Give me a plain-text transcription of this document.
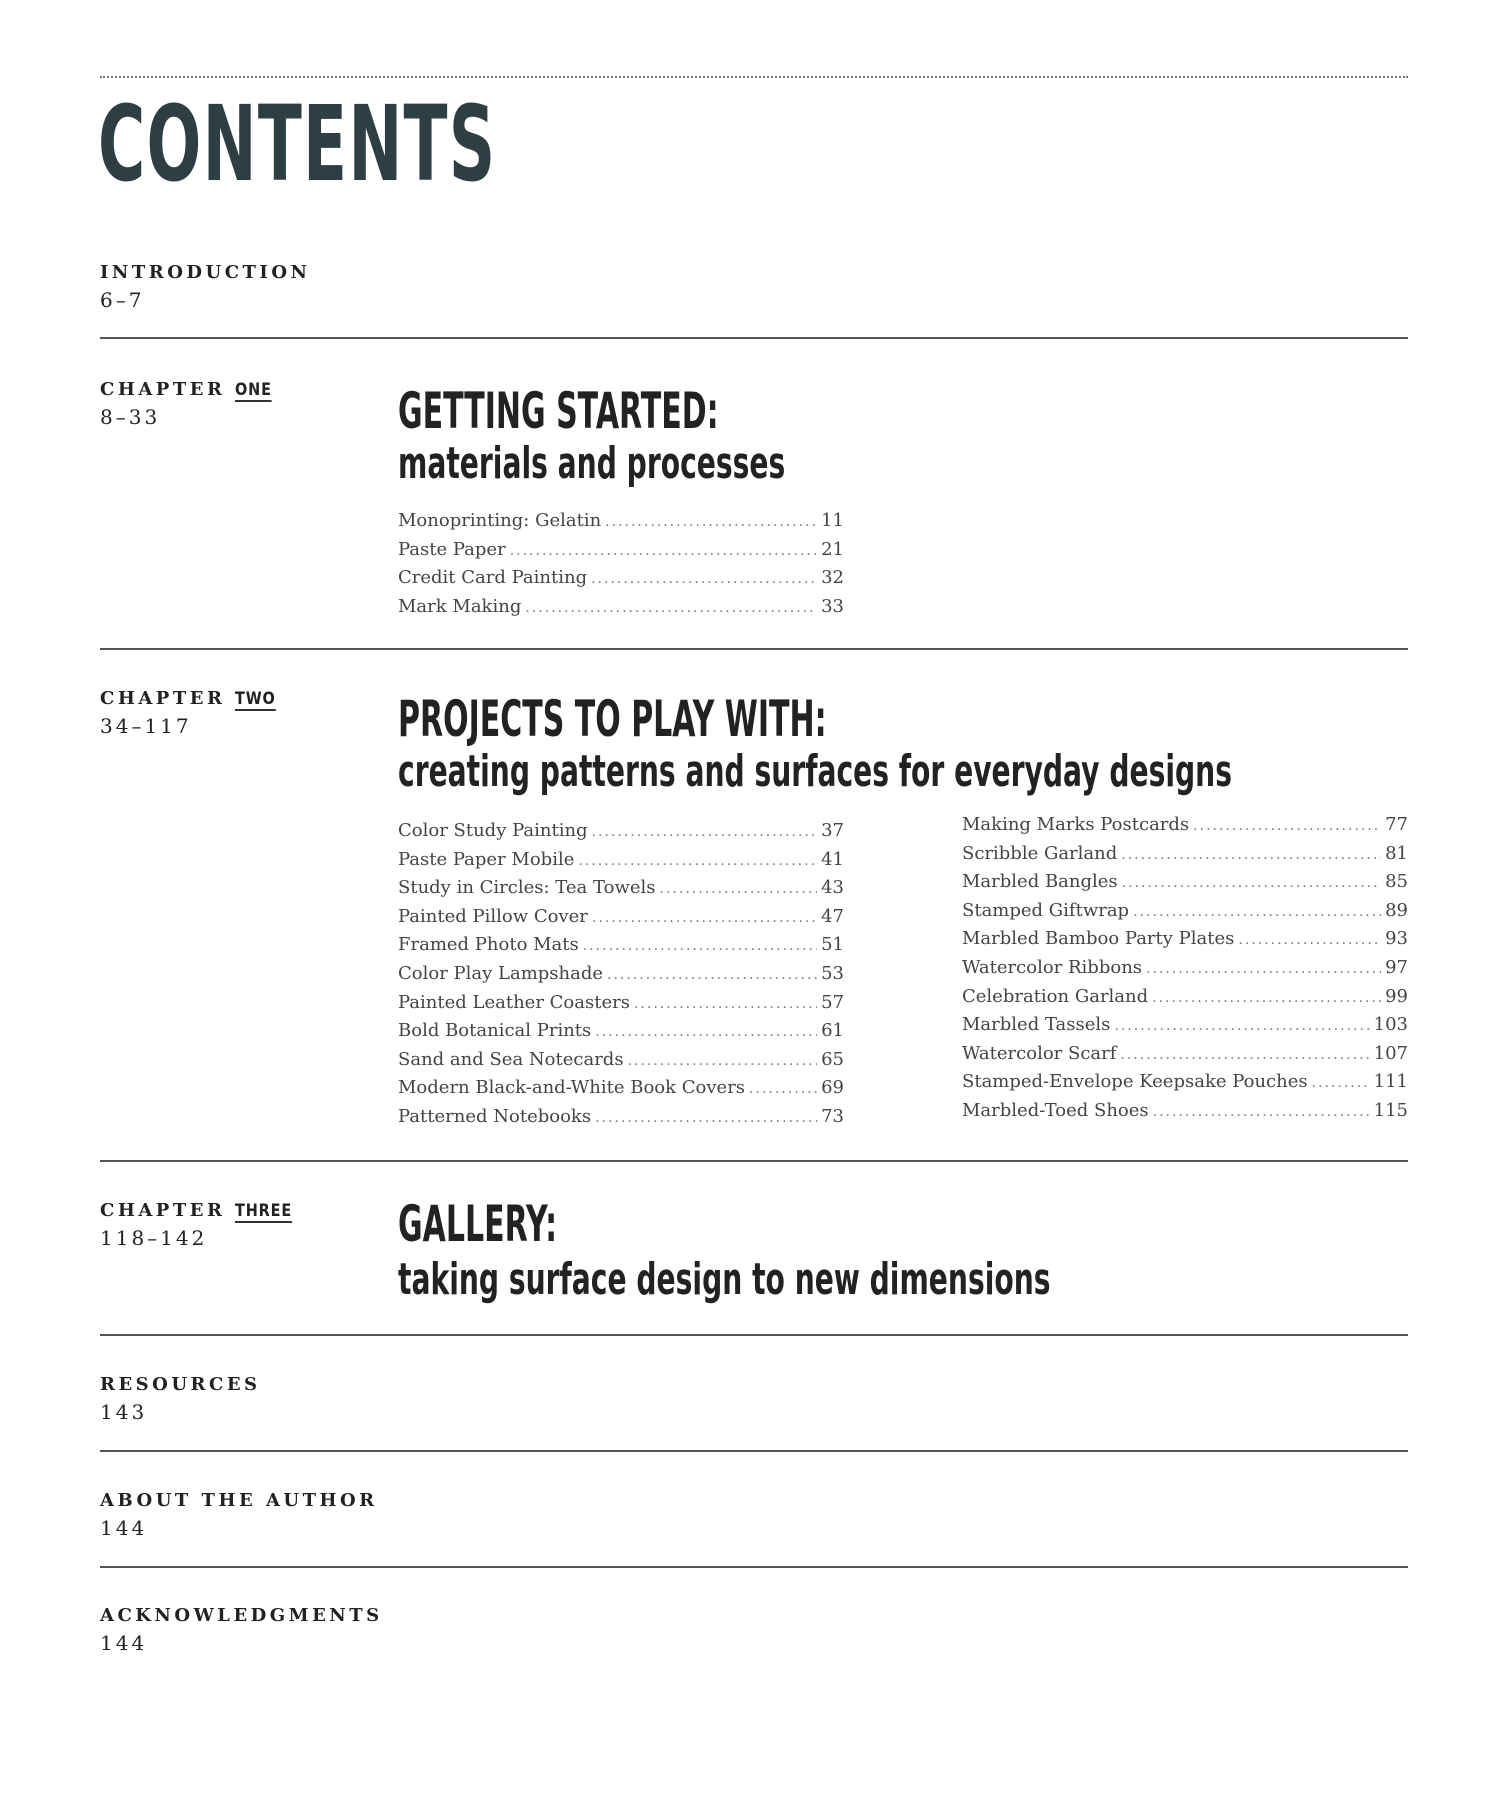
CONTENTS
INTRODUCTION
6–7
CHAPTER ONE
8–33	GETTING STARTED:
materials and processes
Monoprinting: Gelatin .....	11
Paste Paper .....	21
Credit Card Painting .....	32
Mark Making .....	33
CHAPTER TWO
34–117	PROJECTS TO PLAY WITH:
creating patterns and surfaces for everyday designs
Color Study Painting .....	37
Paste Paper Mobile .....	41
Study in Circles: Tea Towels .....	43
Painted Pillow Cover .....	47
Framed Photo Mats .....	51
Color Play Lampshade .....	53
Painted Leather Coasters .....	57
Bold Botanical Prints .....	61
Sand and Sea Notecards .....	65
Modern Black-and-White Book Covers .....	69
Patterned Notebooks .....	73
Making Marks Postcards .....	77
Scribble Garland .....	81
Marbled Bangles .....	85
Stamped Giftwrap .....	89
Marbled Bamboo Party Plates .....	93
Watercolor Ribbons .....	97
Celebration Garland .....	99
Marbled Tassels .....	103
Watercolor Scarf .....	107
Stamped-Envelope Keepsake Pouches .....	111
Marbled-Toed Shoes .....	115
CHAPTER THREE
118–142	GALLERY:
taking surface design to new dimensions
RESOURCES
143
ABOUT THE AUTHOR
144
ACKNOWLEDGMENTS
144
